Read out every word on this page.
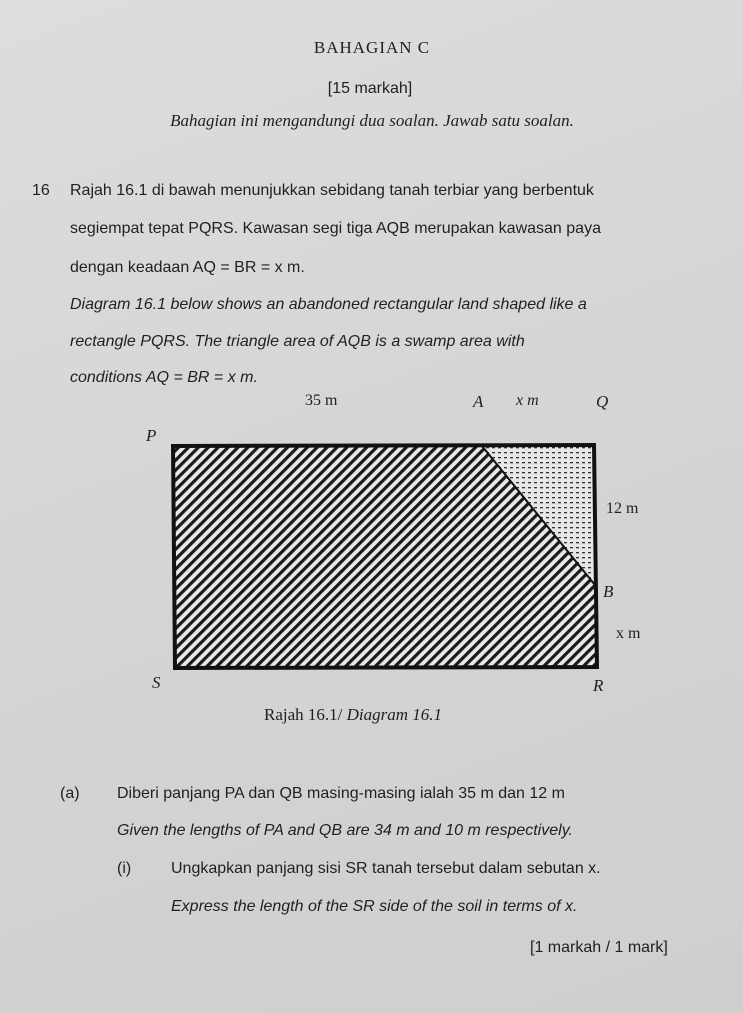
BAHAGIAN C
[15 markah]
Bahagian ini mengandungi dua soalan. Jawab satu soalan.
16 Rajah 16.1 di bawah menunjukkan sebidang tanah terbiar yang berbentuk
segiempat tepat PQRS. Kawasan segi tiga AQB merupakan kawasan paya
dengan keadaan AQ = BR = x m.
Diagram 16.1 below shows an abandoned rectangular land shaped like a
rectangle PQRS. The triangle area of AQB is a swamp area with
conditions AQ = BR = x m.
P
35 m	A x m	Q
12 m
B
x m
S	R
Rajah 16.1/ Diagram 16.1
(a) Diberi panjang PA dan QB masing-masing ialah 35 m dan 12 m
Given the lengths of PA and QB are 34 m and 10 m respectively.
(i) Ungkapkan panjang sisi SR tanah tersebut dalam sebutan x.
Express the length of the SR side of the soil in terms of x.
[1 markah / 1 mark]
